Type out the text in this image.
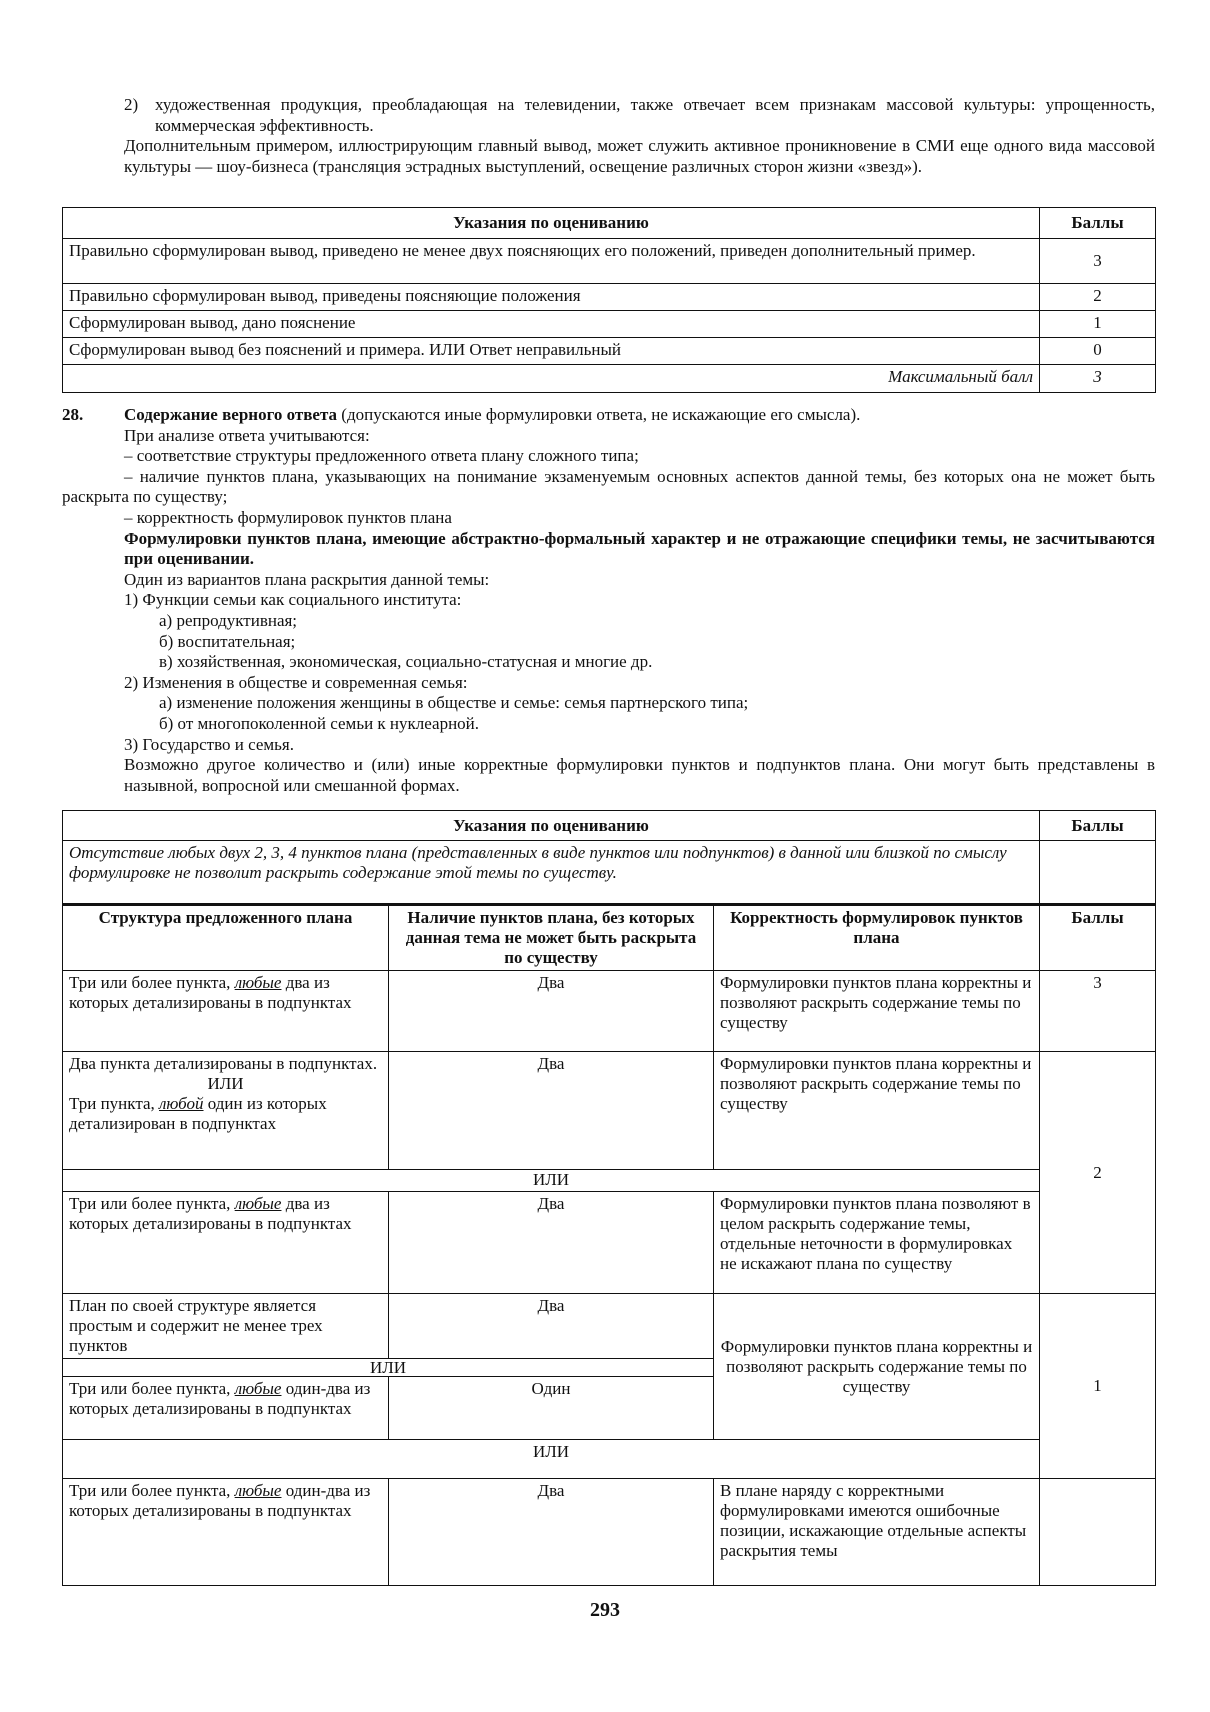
2) художественная продукция, преобладающая на телевидении, также отвечает всем признакам массовой культуры: упрощенность, коммерческая эффективность.

Дополнительным примером, иллюстрирующим главный вывод, может служить активное проникновение в СМИ еще одного вида массовой культуры — шоу-бизнеса (трансляция эстрадных выступлений, освещение различных сторон жизни «звезд»).

Указания по оцениванию	Баллы
Правильно сформулирован вывод, приведено не менее двух поясняющих его положений, приведен дополнительный пример.	3
Правильно сформулирован вывод, приведены поясняющие положения	2
Сформулирован вывод, дано пояснение	1
Сформулирован вывод без пояснений и примера. ИЛИ Ответ неправильный	0
Максимальный балл	3

28. Содержание верного ответа (допускаются иные формулировки ответа, не искажающие его смысла).

При анализе ответа учитываются:

– соответствие структуры предложенного ответа плану сложного типа;

– наличие пунктов плана, указывающих на понимание экзаменуемым основных аспектов данной темы, без которых она не может быть раскрыта по существу;

– корректность формулировок пунктов плана

Формулировки пунктов плана, имеющие абстрактно-формальный характер и не отражающие специфики темы, не засчитываются при оценивании.

Один из вариантов плана раскрытия данной темы:

1) Функции семьи как социального института:

а) репродуктивная;

б) воспитательная;

в) хозяйственная, экономическая, социально-статусная и многие др.

2) Изменения в обществе и современная семья:

а) изменение положения женщины в обществе и семье: семья партнерского типа;

б) от многопоколенной семьи к нуклеарной.

3) Государство и семья.

Возможно другое количество и (или) иные корректные формулировки пунктов и подпунктов плана. Они могут быть представлены в назывной, вопросной или смешанной формах.

Указания по оцениванию			Баллы
Отсутствие любых двух 2, 3, 4 пунктов плана (представленных в виде пунктов или подпунктов) в данной или близкой по смыслу формулировке не позволит раскрыть содержание этой темы по существу.			
Структура предложенного плана	Наличие пунктов плана, без которых данная тема не может быть раскрыта по существу	Корректность формулировок пунктов плана	Баллы
Три или более пункта, любые два из которых детализированы в подпунктах	Два	Формулировки пунктов плана корректны и позволяют раскрыть содержание темы по существу	3
Два пункта детализированы в подпунктах.
ИЛИ
Три пункта, любой один из которых детализирован в подпунктах	Два	Формулировки пунктов плана корректны и позволяют раскрыть содержание темы по существу	2
ИЛИ			
Три или более пункта, любые два из которых детализированы в подпунктах	Два	Формулировки пунктов плана позволяют в целом раскрыть содержание темы, отдельные неточности в формулировках не искажают плана по существу	
План по своей структуре является простым и содержит не менее трех пунктов	Два	Формулировки пунктов плана корректны и позволяют раскрыть содержание темы по существу	1
ИЛИ			
Три или более пункта, любые один-два из которых детализированы в подпунктах	Один		
ИЛИ			
Три или более пункта, любые один-два из которых детализированы в подпунктах	Два	В плане наряду с корректными формулировками имеются ошибочные позиции, искажающие отдельные аспекты раскрытия темы	
293
